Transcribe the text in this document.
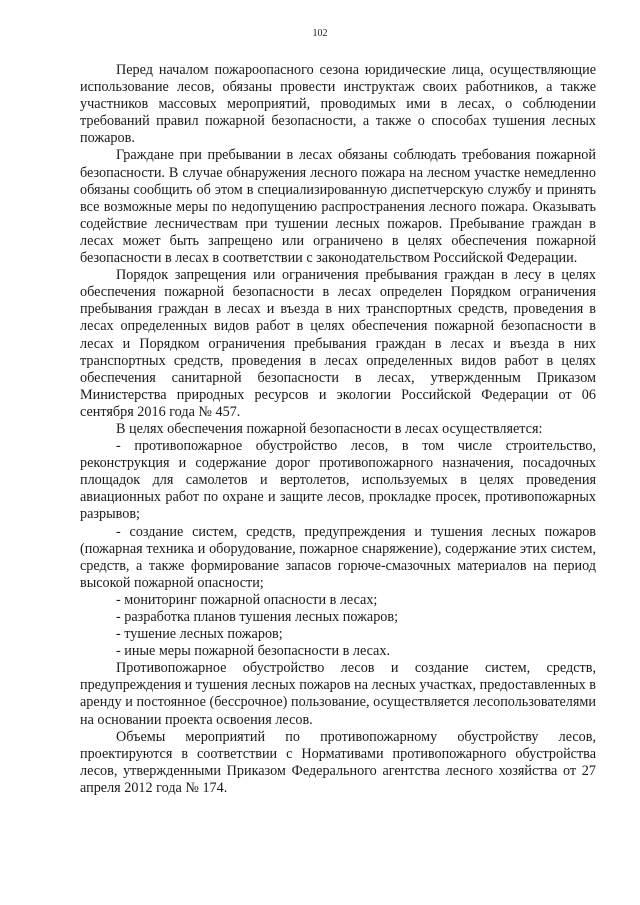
102

Перед началом пожароопасного сезона юридические лица, осуществляющие использование лесов, обязаны провести инструктаж своих работников, а также участников массовых мероприятий, проводимых ими в лесах, о соблюдении требований правил пожарной безопасности, а также о способах тушения лесных пожаров.

Граждане при пребывании в лесах обязаны соблюдать требования пожарной безопасности. В случае обнаружения лесного пожара на лесном участке немедленно обязаны сообщить об этом в специализированную диспетчерскую службу и принять все возможные меры по недопущению распространения лесного пожара. Оказывать содействие лесничествам при тушении лесных пожаров. Пребывание граждан в лесах может быть запрещено или ограничено в целях обеспечения пожарной безопасности в лесах в соответствии с законодательством Российской Федерации.

Порядок запрещения или ограничения пребывания граждан в лесу в целях обеспечения пожарной безопасности в лесах определен Порядком ограничения пребывания граждан в лесах и въезда в них транспортных средств, проведения в лесах определенных видов работ в целях обеспечения пожарной безопасности в лесах и Порядком ограничения пребывания граждан в лесах и въезда в них транспортных средств, проведения в лесах определенных видов работ в целях обеспечения санитарной безопасности в лесах, утвержденным Приказом Министерства природных ресурсов и экологии Российской Федерации от 06 сентября 2016 года № 457.

В целях обеспечения пожарной безопасности в лесах осуществляется:

- противопожарное обустройство лесов, в том числе строительство, реконструкция и содержание дорог противопожарного назначения, посадочных площадок для самолетов и вертолетов, используемых в целях проведения авиационных работ по охране и защите лесов, прокладке просек, противопожарных разрывов;

- создание систем, средств, предупреждения и тушения лесных пожаров (пожарная техника и оборудование, пожарное снаряжение), содержание этих систем, средств, а также формирование запасов горюче-смазочных материалов на период высокой пожарной опасности;

- мониторинг пожарной опасности в лесах;

- разработка планов тушения лесных пожаров;

- тушение лесных пожаров;

- иные меры пожарной безопасности в лесах.

Противопожарное обустройство лесов и создание систем, средств, предупреждения и тушения лесных пожаров на лесных участках, предоставленных в аренду и постоянное (бессрочное) пользование, осуществляется лесопользователями на основании проекта освоения лесов.

Объемы мероприятий по противопожарному обустройству лесов, проектируются в соответствии с Нормативами противопожарного обустройства лесов, утвержденными Приказом Федерального агентства лесного хозяйства от 27 апреля 2012 года № 174.
